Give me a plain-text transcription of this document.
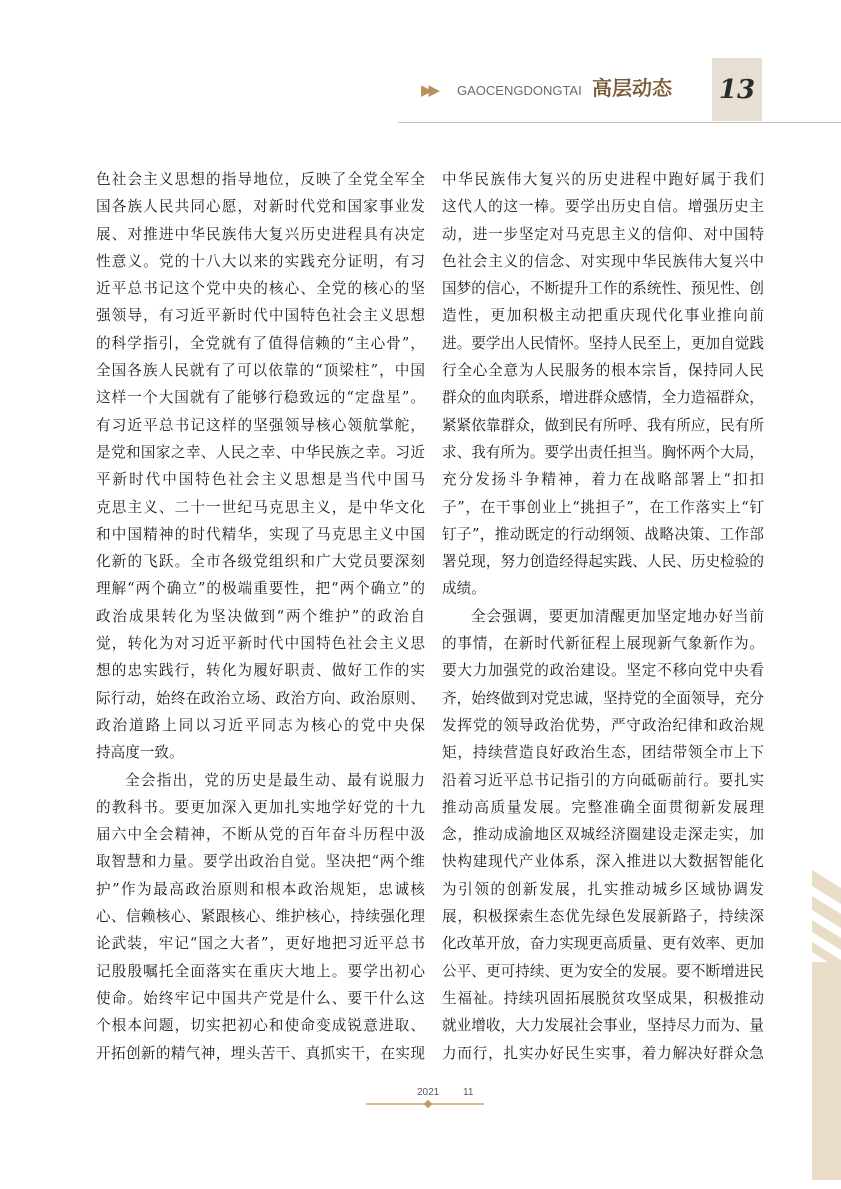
▶▶ GAOCENGDONGTAI 高层动态 13
色社会主义思想的指导地位，反映了全党全军全
国各族人民共同心愿，对新时代党和国家事业发
展、对推进中华民族伟大复兴历史进程具有决定
性意义。党的十八大以来的实践充分证明，有习
近平总书记这个党中央的核心、全党的核心的坚
强领导，有习近平新时代中国特色社会主义思想
的科学指引，全党就有了值得信赖的“主心骨”，
全国各族人民就有了可以依靠的“顶梁柱”，中国
这样一个大国就有了能够行稳致远的“定盘星”。
有习近平总书记这样的坚强领导核心领航掌舵，
是党和国家之幸、人民之幸、中华民族之幸。习近
平新时代中国特色社会主义思想是当代中国马
克思主义、二十一世纪马克思主义，是中华文化
和中国精神的时代精华，实现了马克思主义中国
化新的飞跃。全市各级党组织和广大党员要深刻
理解“两个确立”的极端重要性，把“两个确立”的
政治成果转化为坚决做到“两个维护”的政治自
觉，转化为对习近平新时代中国特色社会主义思
想的忠实践行，转化为履好职责、做好工作的实
际行动，始终在政治立场、政治方向、政治原则、
政治道路上同以习近平同志为核心的党中央保
持高度一致。
全会指出，党的历史是最生动、最有说服力
的教科书。要更加深入更加扎实地学好党的十九
届六中全会精神，不断从党的百年奋斗历程中汲
取智慧和力量。要学出政治自觉。坚决把“两个维
护”作为最高政治原则和根本政治规矩，忠诚核
心、信赖核心、紧跟核心、维护核心，持续强化理
论武装，牢记“国之大者”，更好地把习近平总书
记殷殷嘱托全面落实在重庆大地上。要学出初心
使命。始终牢记中国共产党是什么、要干什么这
个根本问题，切实把初心和使命变成锐意进取、
开拓创新的精气神，埋头苦干、真抓实干，在实现
中华民族伟大复兴的历史进程中跑好属于我们
这代人的这一棒。要学出历史自信。增强历史主
动，进一步坚定对马克思主义的信仰、对中国特
色社会主义的信念、对实现中华民族伟大复兴中
国梦的信心，不断提升工作的系统性、预见性、创
造性，更加积极主动把重庆现代化事业推向前
进。要学出人民情怀。坚持人民至上，更加自觉践
行全心全意为人民服务的根本宗旨，保持同人民
群众的血肉联系，增进群众感情，全力造福群众，
紧紧依靠群众，做到民有所呼、我有所应，民有所
求、我有所为。要学出责任担当。胸怀两个大局，
充分发扬斗争精神，着力在战略部署上“扣扣
子”，在干事创业上“挑担子”，在工作落实上“钉
钉子”，推动既定的行动纲领、战略决策、工作部
署兑现，努力创造经得起实践、人民、历史检验的
成绩。
全会强调，要更加清醒更加坚定地办好当前
的事情，在新时代新征程上展现新气象新作为。
要大力加强党的政治建设。坚定不移向党中央看
齐，始终做到对党忠诚，坚持党的全面领导，充分
发挥党的领导政治优势，严守政治纪律和政治规
矩，持续营造良好政治生态，团结带领全市上下
沿着习近平总书记指引的方向砥砺前行。要扎实
推动高质量发展。完整准确全面贯彻新发展理
念，推动成渝地区双城经济圈建设走深走实，加
快构建现代产业体系，深入推进以大数据智能化
为引领的创新发展，扎实推动城乡区域协调发
展，积极探索生态优先绿色发展新路子，持续深
化改革开放，奋力实现更高质量、更有效率、更加
公平、更可持续、更为安全的发展。要不断增进民
生福祉。持续巩固拓展脱贫攻坚成果，积极推动
就业增收，大力发展社会事业，坚持尽力而为、量
力而行，扎实办好民生实事，着力解决好群众急
2021 11
